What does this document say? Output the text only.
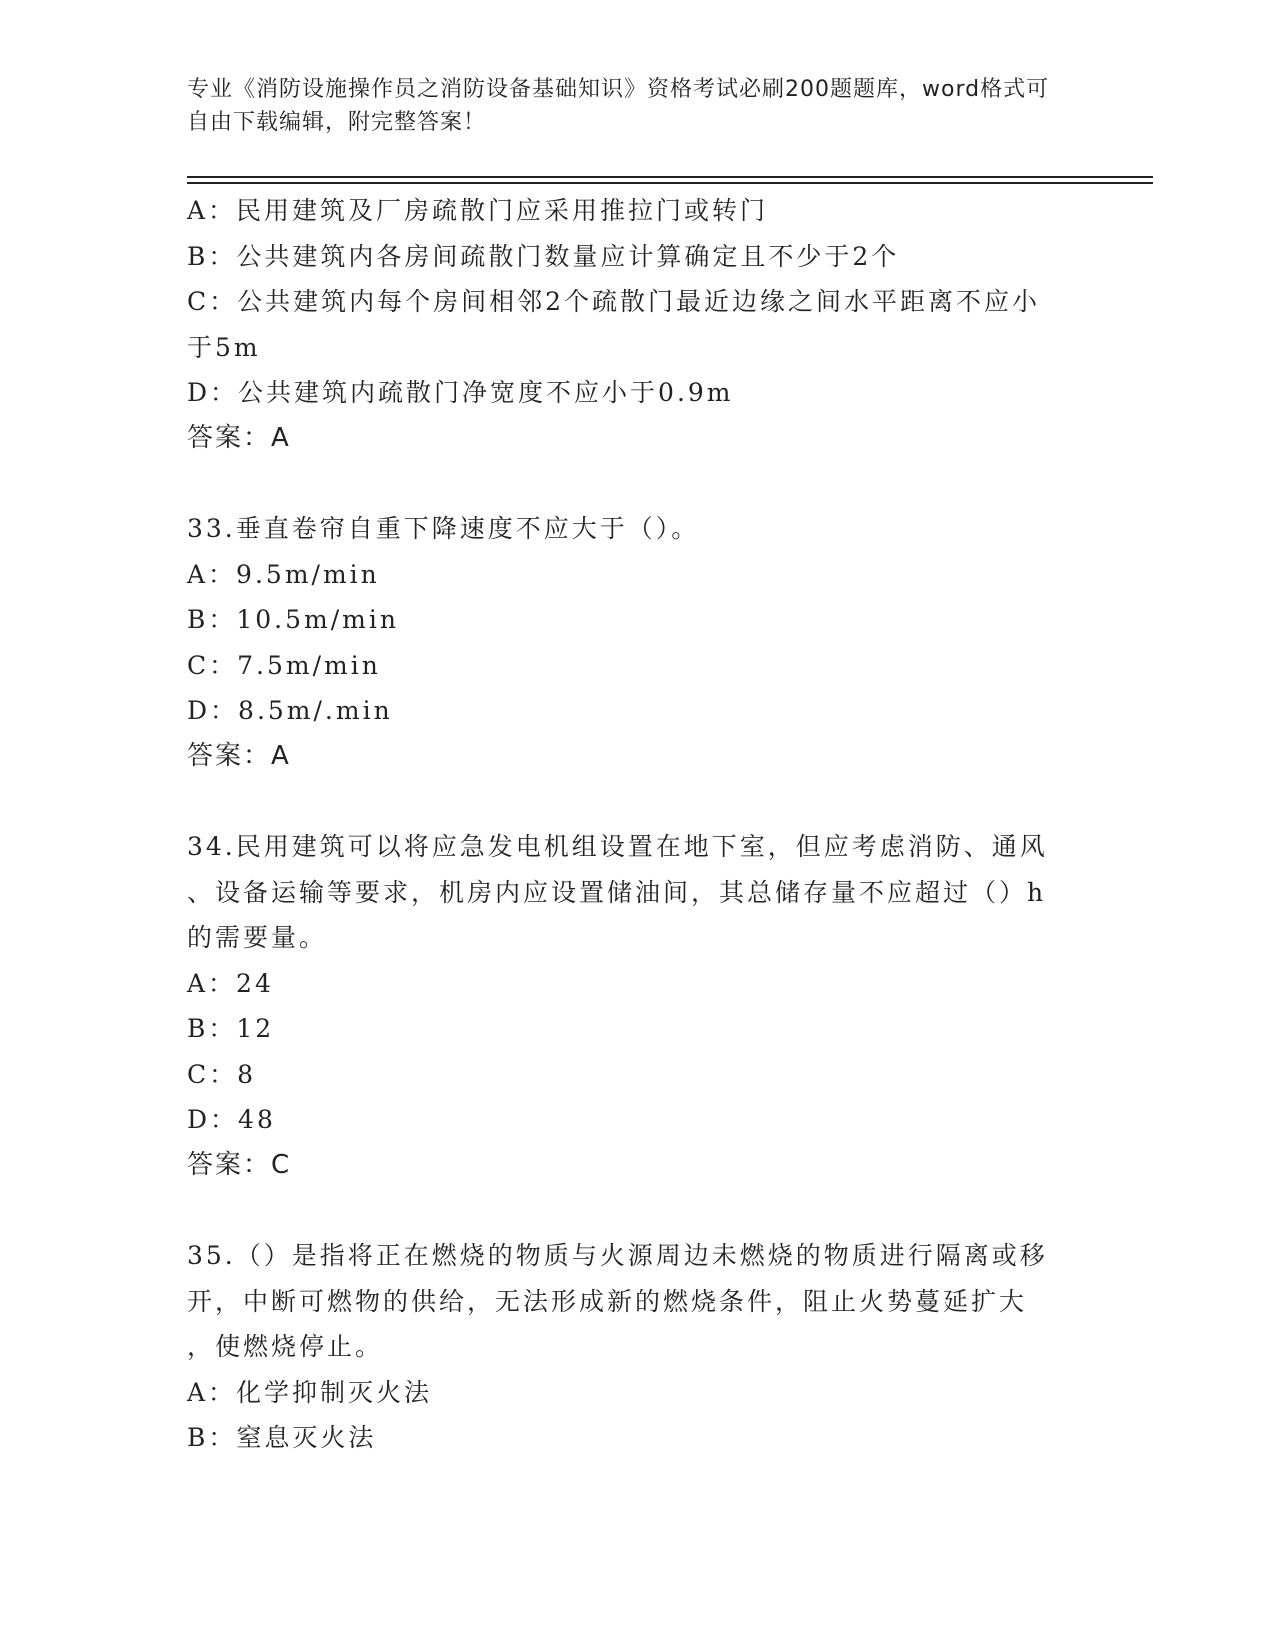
专业《消防设施操作员之消防设备基础知识》资格考试必刷200题题库，word格式可自由下载编辑，附完整答案！

A：民用建筑及厂房疏散门应采用推拉门或转门

B：公共建筑内各房间疏散门数量应计算确定且不少于2个

C：公共建筑内每个房间相邻2个疏散门最近边缘之间水平距离不应小

于5m

D：公共建筑内疏散门净宽度不应小于0.9m

答案：A

33.垂直卷帘自重下降速度不应大于（）。

A：9.5m/min

B：10.5m/min

C：7.5m/min

D：8.5m/.min

答案：A

34.民用建筑可以将应急发电机组设置在地下室，但应考虑消防、通风

、设备运输等要求，机房内应设置储油间，其总储存量不应超过（）h

的需要量。

A：24

B：12

C：8

D：48

答案：C

35.（）是指将正在燃烧的物质与火源周边未燃烧的物质进行隔离或移

开，中断可燃物的供给，无法形成新的燃烧条件，阻止火势蔓延扩大

，使燃烧停止。

A：化学抑制灭火法

B：窒息灭火法
